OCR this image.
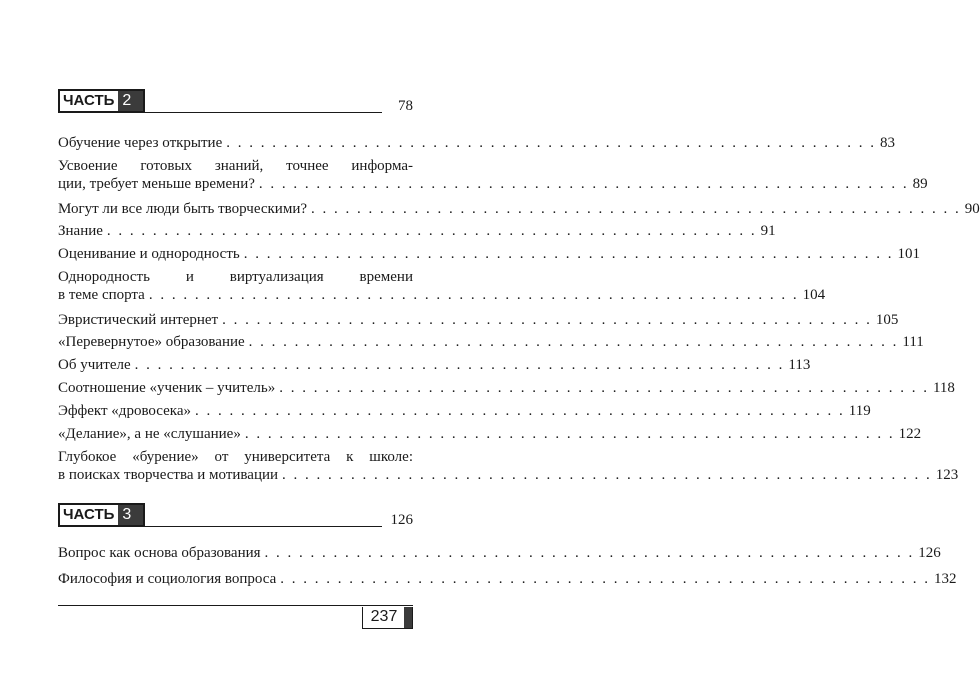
ЧАСТЬ 2	78
Обучение через открытие . . . . . . . . . . . . . . . . . . . . . . . . . . . . . . . . . . . . . . . . . . . . . . . . . . . . . . . . . 83
Усвоение готовых знаний, точнее информа-
ции, требует меньше времени? . . . . . . . . . . . . . . . . . . . . . . . . . . . . . . . . . . . . . . . . . . . . . . . . . . . . . . . . . 89
Могут ли все люди быть творческими? . . . . . . . . . . . . . . . . . . . . . . . . . . . . . . . . . . . . . . . . . . . . . . . . . . . . . . . . . 90
Знание . . . . . . . . . . . . . . . . . . . . . . . . . . . . . . . . . . . . . . . . . . . . . . . . . . . . . . . . . 91
Оценивание и однородность . . . . . . . . . . . . . . . . . . . . . . . . . . . . . . . . . . . . . . . . . . . . . . . . . . . . . . . . . 101
Однородность и виртуализация времени
в теме спорта . . . . . . . . . . . . . . . . . . . . . . . . . . . . . . . . . . . . . . . . . . . . . . . . . . . . . . . . . 104
Эвристический интернет . . . . . . . . . . . . . . . . . . . . . . . . . . . . . . . . . . . . . . . . . . . . . . . . . . . . . . . . . 105
«Перевернутое» образование . . . . . . . . . . . . . . . . . . . . . . . . . . . . . . . . . . . . . . . . . . . . . . . . . . . . . . . . . 111
Об учителе . . . . . . . . . . . . . . . . . . . . . . . . . . . . . . . . . . . . . . . . . . . . . . . . . . . . . . . . . 113
Соотношение «ученик – учитель» . . . . . . . . . . . . . . . . . . . . . . . . . . . . . . . . . . . . . . . . . . . . . . . . . . . . . . . . . 118
Эффект «дровосека» . . . . . . . . . . . . . . . . . . . . . . . . . . . . . . . . . . . . . . . . . . . . . . . . . . . . . . . . . 119
«Делание», а не «слушание» . . . . . . . . . . . . . . . . . . . . . . . . . . . . . . . . . . . . . . . . . . . . . . . . . . . . . . . . . 122
Глубокое «бурение» от университета к школе:
в поисках творчества и мотивации . . . . . . . . . . . . . . . . . . . . . . . . . . . . . . . . . . . . . . . . . . . . . . . . . . . . . . . . . 123
ЧАСТЬ 3	126
Вопрос как основа образования . . . . . . . . . . . . . . . . . . . . . . . . . . . . . . . . . . . . . . . . . . . . . . . . . . . . . . . . . 126
Философия и социология вопроса . . . . . . . . . . . . . . . . . . . . . . . . . . . . . . . . . . . . . . . . . . . . . . . . . . . . . . . . . 132
237
